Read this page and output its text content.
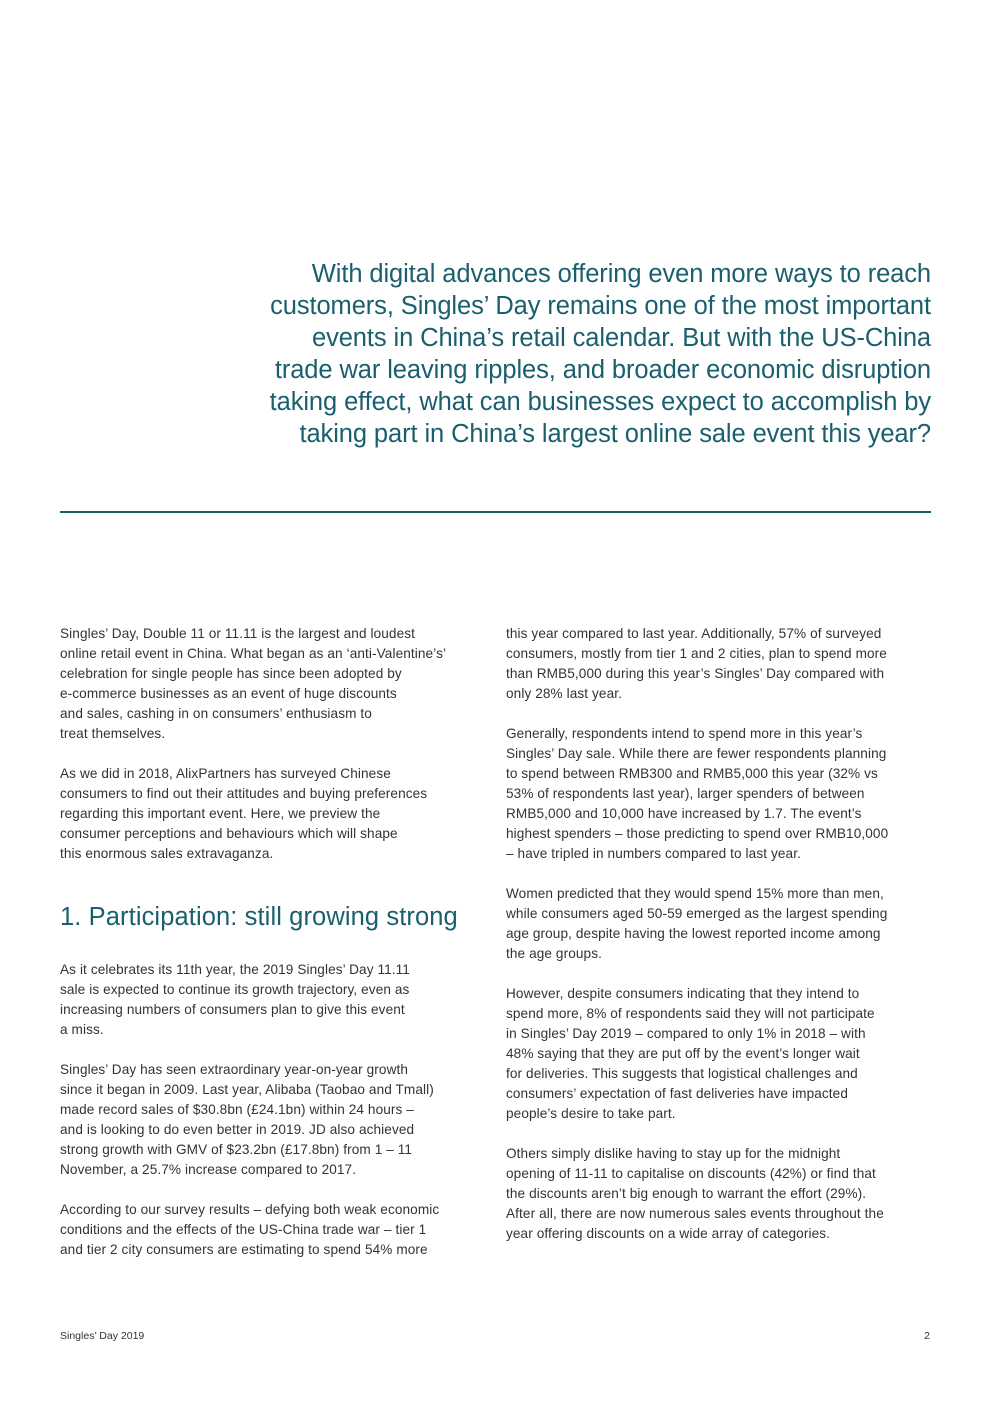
With digital advances offering even more ways to reach
customers, Singles’ Day remains one of the most important
events in China’s retail calendar. But with the US-China
trade war leaving ripples, and broader economic disruption
taking effect, what can businesses expect to accomplish by
taking part in China’s largest online sale event this year?
Singles’ Day, Double 11 or 11.11 is the largest and loudest
online retail event in China. What began as an ‘anti-Valentine’s’
celebration for single people has since been adopted by
e-commerce businesses as an event of huge discounts
and sales, cashing in on consumers’ enthusiasm to
treat themselves.
As we did in 2018, AlixPartners has surveyed Chinese
consumers to find out their attitudes and buying preferences
regarding this important event. Here, we preview the
consumer perceptions and behaviours which will shape
this enormous sales extravaganza.
1. Participation: still growing strong
As it celebrates its 11th year, the 2019 Singles’ Day 11.11
sale is expected to continue its growth trajectory, even as
increasing numbers of consumers plan to give this event
a miss.
Singles’ Day has seen extraordinary year-on-year growth
since it began in 2009. Last year, Alibaba (Taobao and Tmall)
made record sales of $30.8bn (£24.1bn) within 24 hours –
and is looking to do even better in 2019. JD also achieved
strong growth with GMV of $23.2bn (£17.8bn) from 1 – 11
November, a 25.7% increase compared to 2017.
According to our survey results – defying both weak economic
conditions and the effects of the US-China trade war – tier 1
and tier 2 city consumers are estimating to spend 54% more
this year compared to last year. Additionally, 57% of surveyed
consumers, mostly from tier 1 and 2 cities, plan to spend more
than RMB5,000 during this year’s Singles’ Day compared with
only 28% last year.
Generally, respondents intend to spend more in this year’s
Singles’ Day sale. While there are fewer respondents planning
to spend between RMB300 and RMB5,000 this year (32% vs
53% of respondents last year), larger spenders of between
RMB5,000 and 10,000 have increased by 1.7. The event’s
highest spenders – those predicting to spend over RMB10,000
– have tripled in numbers compared to last year.
Women predicted that they would spend 15% more than men,
while consumers aged 50-59 emerged as the largest spending
age group, despite having the lowest reported income among
the age groups.
However, despite consumers indicating that they intend to
spend more, 8% of respondents said they will not participate
in Singles’ Day 2019 – compared to only 1% in 2018 – with
48% saying that they are put off by the event’s longer wait
for deliveries. This suggests that logistical challenges and
consumers’ expectation of fast deliveries have impacted
people’s desire to take part.
Others simply dislike having to stay up for the midnight
opening of 11-11 to capitalise on discounts (42%) or find that
the discounts aren’t big enough to warrant the effort (29%).
After all, there are now numerous sales events throughout the
year offering discounts on a wide array of categories.
Singles’ Day 2019	2
